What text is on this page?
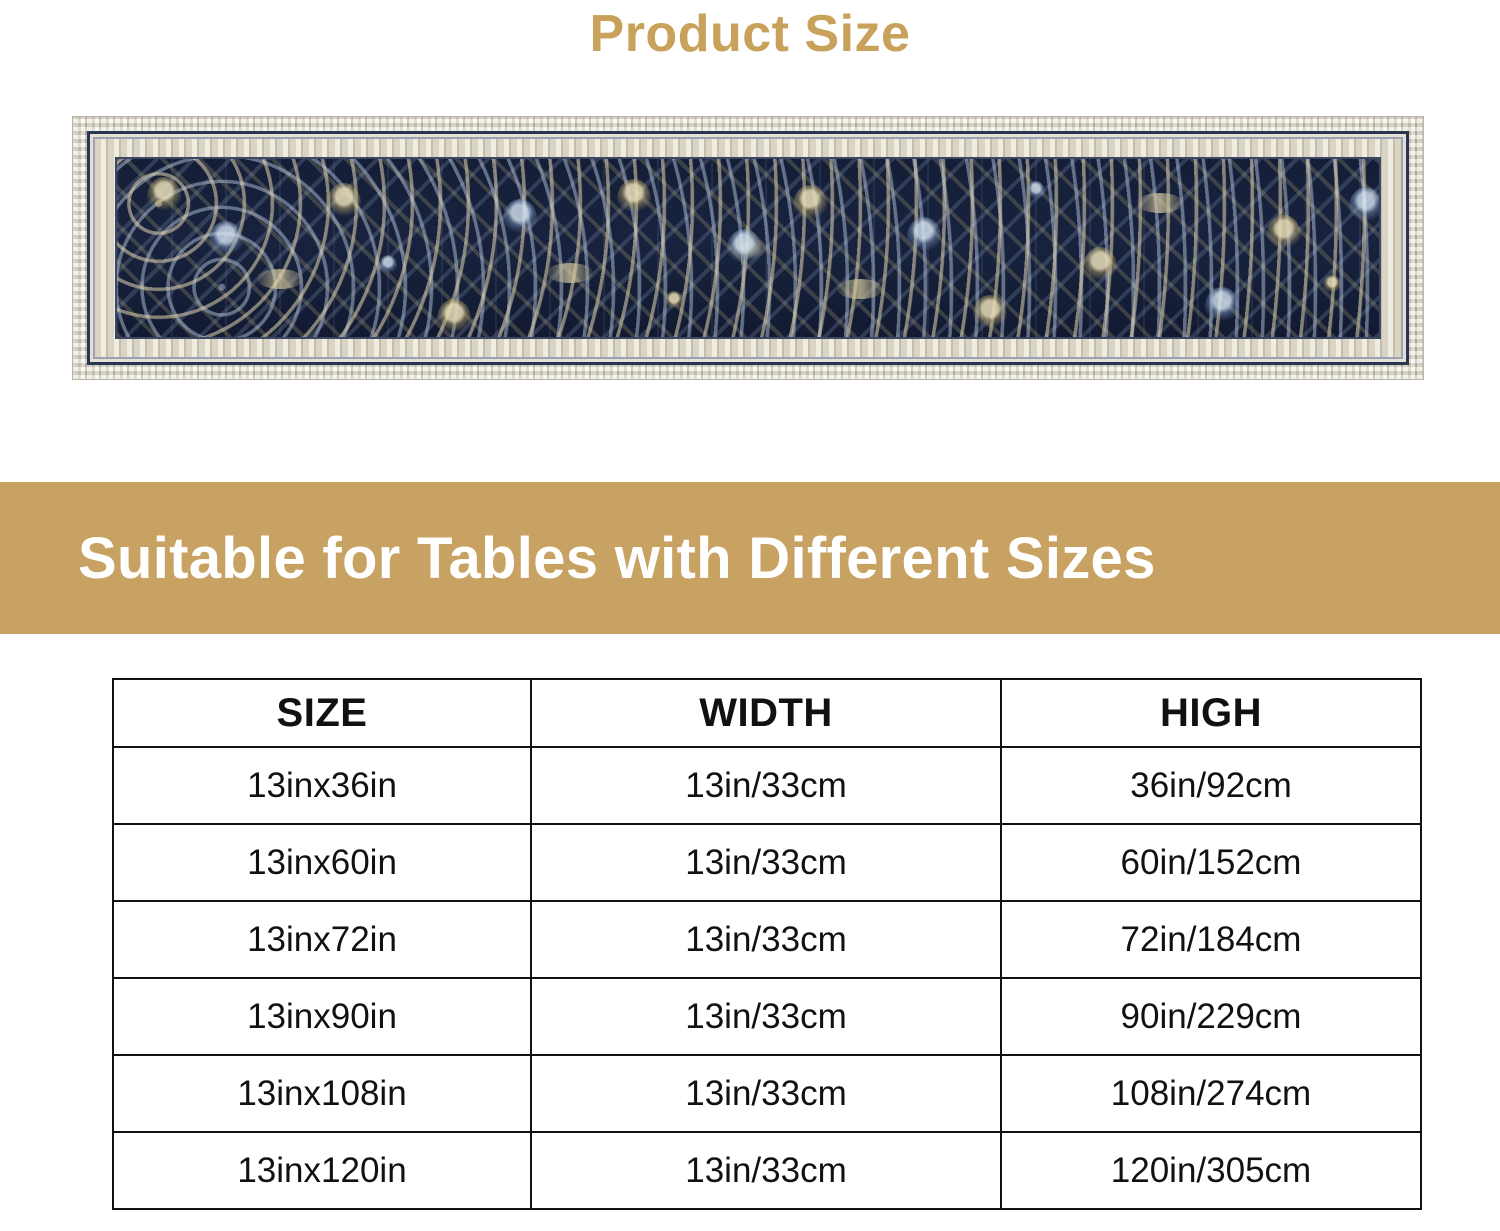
Product Size
Suitable for Tables with Different Sizes
SIZE	WIDTH	HIGH
13inx36in	13in/33cm	36in/92cm
13inx60in	13in/33cm	60in/152cm
13inx72in	13in/33cm	72in/184cm
13inx90in	13in/33cm	90in/229cm
13inx108in	13in/33cm	108in/274cm
13inx120in	13in/33cm	120in/305cm
